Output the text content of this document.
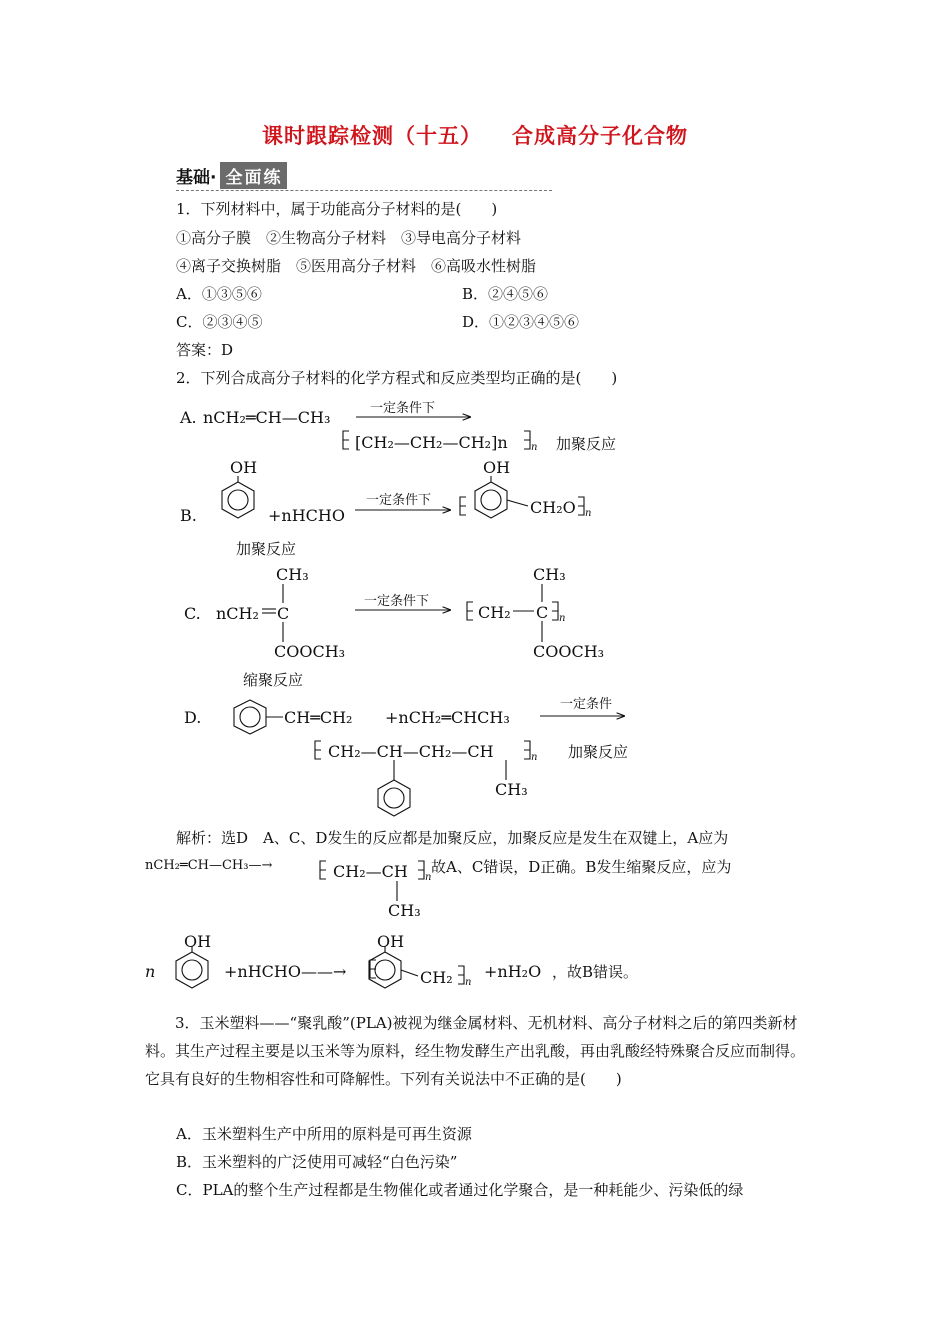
课时跟踪检测（十五） 合成高分子化合物
基础· 全面练
1．下列材料中，属于功能高分子材料的是(　　)
①高分子膜　②生物高分子材料　③导电高分子材料
④离子交换树脂　⑤医用高分子材料　⑥高吸水性树脂
A．①③⑤⑥	B．②④⑤⑥
C．②③④⑤	D．①②③④⑤⑥
答案：D
2．下列合成高分子材料的化学方程式和反应类型均正确的是(　　)
A. nCH₂═CH—CH₃	一定条件下
[CH₂—CH₂—CH₂]n	加聚反应
B.
OH
+nHCHO
一定条件下
OH
CH₂O
加聚反应
C.
CH₃
nCH₂ C
COOCH₃
一定条件下
CH₂ C
CH₃
COOCH₃
缩聚反应
D.	CH═CH₂ +nCH₂═CHCH₃
一定条件
CH₂—CH—CH₂—CH
CH₃
加聚反应
解析：选D　A、C、D发生的反应都是加聚反应，加聚反应是发生在双键上，A应为
nCH₂═CH—CH₃—→	CH₂—CH
CH₃
故A、C错误，D正确。B发生缩聚反应，应为
n
OH
+nHCHO——→
OH
CH₂ +nH₂O ，故B错误。
3．玉米塑料——“聚乳酸”(PLA)被视为继金属材料、无机材料、高分子材料之后的第四类新材料。其生产过程主要是以玉米等为原料，经生物发酵生产出乳酸，再由乳酸经特殊聚合反应而制得。它具有良好的生物相容性和可降解性。下列有关说法中不正确的是(　　)
A．玉米塑料生产中所用的原料是可再生资源
B．玉米塑料的广泛使用可减轻“白色污染”
C．PLA的整个生产过程都是生物催化或者通过化学聚合，是一种耗能少、污染低的绿
n
n
n
n
n
n
